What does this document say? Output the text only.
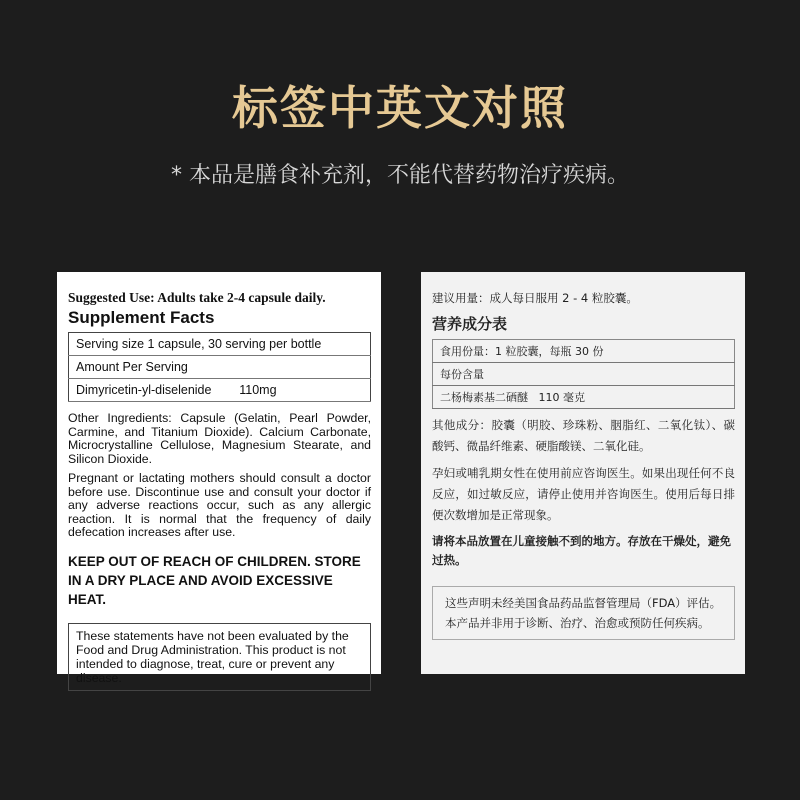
标签中英文对照
* 本品是膳食补充剂，不能代替药物治疗疾病。
Suggested Use: Adults take 2-4 capsule daily.
Supplement Facts
Serving size 1 capsule, 30 serving per bottle
Amount Per Serving
Dimyricetin-yl-diselenide        110mg

Other Ingredients: Capsule (Gelatin, Pearl Powder, Carmine, and Titanium Dioxide). Calcium Carbonate, Microcrystalline Cellulose, Magnesium Stearate, and Silicon Dioxide.

Pregnant or lactating mothers should consult a doctor before use. Discontinue use and consult your doctor if any adverse reactions occur, such as any allergic reaction. It is normal that the frequency of daily defecation increases after use.

KEEP OUT OF REACH OF CHILDREN. STORE IN A DRY PLACE AND AVOID EXCESSIVE HEAT.
These statements have not been evaluated by the Food and Drug Administration. This product is not intended to diagnose, treat, cure or prevent any disease.
建议用量：成人每日服用 2 - 4 粒胶囊。
营养成分表
食用份量：1 粒胶囊，每瓶 30 份
每份含量
二杨梅素基二硒醚   110 毫克

其他成分：胶囊（明胶、珍珠粉、胭脂红、二氧化钛）、碳酸钙、微晶纤维素、硬脂酸镁、二氧化硅。

孕妇或哺乳期女性在使用前应咨询医生。如果出现任何不良反应，如过敏反应，请停止使用并咨询医生。使用后每日排便次数增加是正常现象。

请将本品放置在儿童接触不到的地方。存放在干燥处，避免过热。
这些声明未经美国食品药品监督管理局（FDA）评估。本产品并非用于诊断、治疗、治愈或预防任何疾病。
